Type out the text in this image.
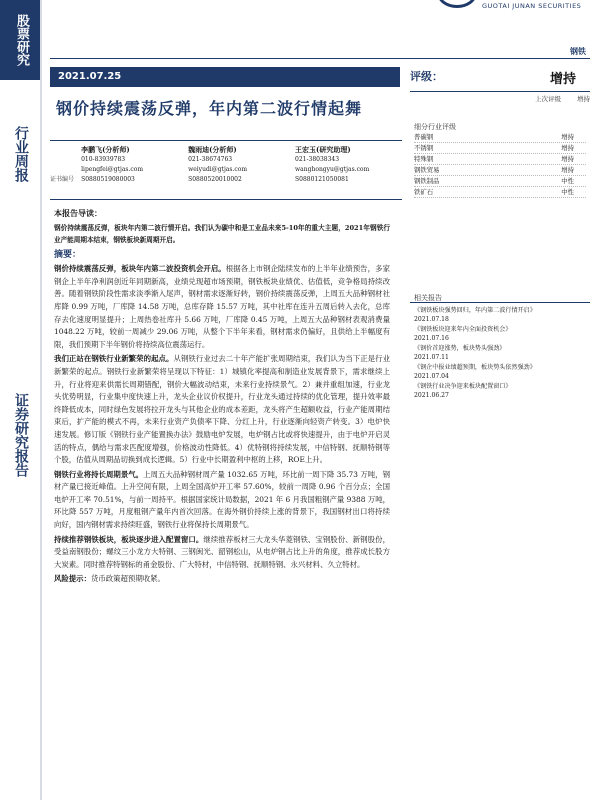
股票研究
行业周报
证券研究报告
GUOTAI JUNAN SECURITIES
钢铁
2021.07.25
钢价持续震荡反弹，年内第二波行情起舞
李鹏飞(分析师)	魏雨迪(分析师)	王宏玉(研究助理)
010-83939783	021-38674763	021-38038343
lipengfei@gtjas.com	weiyudi@gtjas.com	wanghongyu@gtjas.com
证书编号	S0880519080003	S0880520010002	S0880121050081

本报告导读：

钢价持续震荡反弹，板块年内第二波行情开启。我们认为碳中和是工业品未来5-10年的重大主题，2021年钢铁行业产能周期本结束，钢铁板块新周期开启。

摘要：

钢价持续震荡反弹，板块年内第二波投资机会开启。根据各上市钢企陆续发布的上半年业绩预告，多家钢企上半年净利润创近年同期新高，业绩兑现超市场预期，钢铁板块业绩优、估值低，竞争格局持续改善。随着钢铁阶段性需求淡季渐入尾声，钢材需求逐渐好转，钢价持续震荡反弹，上周五大品种钢材社库降 0.99 万吨，厂库降 14.58 万吨，总库存降 15.57 万吨，其中社库在连升五周后转入去化，总库存去化速度明显提升；上周热卷社库升 5.66 万吨，厂库降 0.45 万吨，上周五大品种钢材表观消费量 1048.22 万吨，较前一周减少 29.06 万吨，从整个下半年来看，钢材需求仍偏好，且供给上半幅度有限，我们预期下半年钢价将持续高位震荡运行。

我们正站在钢铁行业新繁荣的起点。从钢铁行业过去二十年产能扩张周期结束，我们认为当下正是行业新繁荣的起点。钢铁行业新繁荣将呈现以下特征：1）城镇化率提高和制造业发展背景下，需求继续上升，行业将迎来供需长周期错配，钢价大幅波动结束，未来行业持续景气。2）兼并重组加速，行业龙头优势明显，行业集中度快速上升，龙头企业议价权提升，行业龙头通过持续的优化管理，提升效率最终降低成本，同时绿色发展将拉开龙头与其他企业的成本差距，龙头将产生超额收益，行业产能周期结束后，扩产能的模式不再，未来行业资产负债率下降、分红上升，行业逐渐向轻资产转变。3）电炉快速发展。修订版《钢铁行业产能置换办法》鼓励电炉发展，电炉钢占比或将快速提升，由于电炉开启灵活的特点，偶给与需求匹配度增强，价格波动性降低。4）优特钢将持续发展，中信特钢、抚顺特钢等个股，估值从周期品切换到成长逻辑。5）行业中长期盈利中枢的上移，ROE上升。

钢铁行业将持长周期景气。上周五大品种钢材周产量 1032.65 万吨，环比前一周下降 35.73 万吨，钢材产量已接近峰值。上升空间有限，上周全国高炉开工率 57.60%，较前一周降 0.96 个百分点；全国电炉开工率 70.51%，与前一周持平。根据国家统计局数据，2021 年 6 月我国粗钢产量 9388 万吨，环比降 557 万吨，月度粗钢产量年内首次回落。在海外钢价持续上涨的背景下，我国钢材出口将持续向好，国内钢材需求持续旺盛，钢铁行业将保持长周期景气。

持续推荐钢铁板块，板块逐步进入配置窗口。继续推荐板材三大龙头华菱钢铁、宝钢股份、新钢股份，受益南钢股份；螺纹三小龙方大特钢、三钢闽光、韶钢松山，从电炉钢占比上升的角度，推荐成长股方大炭素。同时推荐特钢标的甬金股份、广大特材，中信特钢、抚顺特钢、永兴材料、久立特材。

风险提示：货币政策超预期收紧。

评级：	增持
上次评级 增持
细分行业评级
普碳钢	增持
不锈钢	增持
特殊钢	增持
钢铁贸易	增持
钢铁制品	中性
铁矿石	中性
相关报告
《钢铁板块强势回归，年内第二波行情开启》
2021.07.18
《钢铁板块迎来年内全面投资机会》
2021.07.16
《钢价首迎涨势，板块势头强劲》
2021.07.11
《钢企中报业绩超预期，板块势头依然强劲》
2021.07.04
《钢铁行业决争迎来板块配置窗口》
2021.06.27
